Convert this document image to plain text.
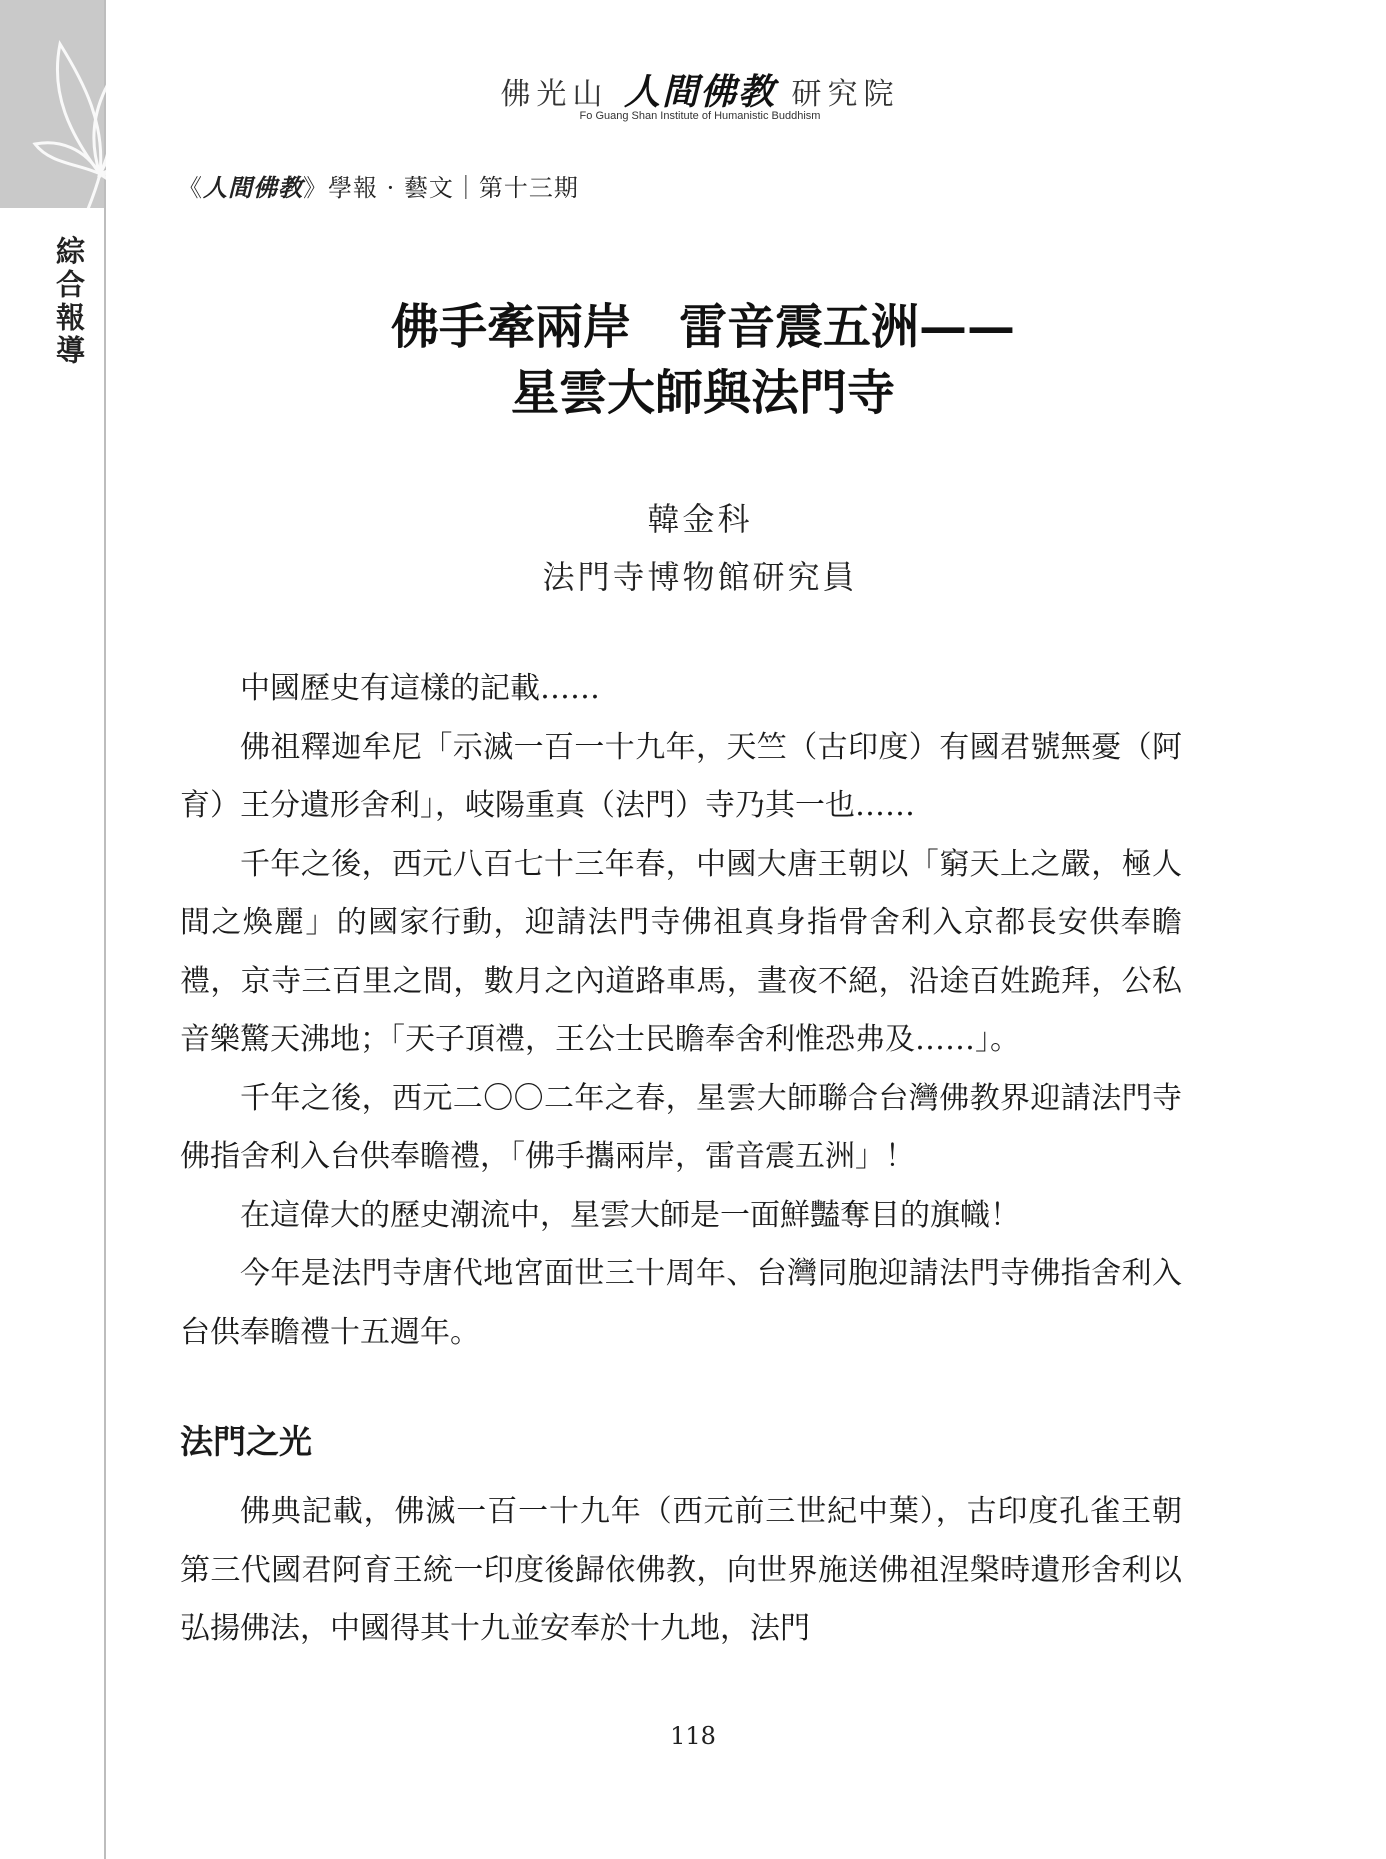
綜合報導
佛光山 人間佛教 研究院
Fo Guang Shan Institute of Humanistic Buddhism
《人間佛教》學報 · 藝文｜第十三期
佛手牽兩岸　雷音震五洲——
星雲大師與法門寺
韓金科
法門寺博物館研究員

中國歷史有這樣的記載……

佛祖釋迦牟尼「示滅一百一十九年，天竺（古印度）有國君號無憂（阿育）王分遺形舍利」，岐陽重真（法門）寺乃其一也……

千年之後，西元八百七十三年春，中國大唐王朝以「窮天上之嚴，極人間之煥麗」的國家行動，迎請法門寺佛祖真身指骨舍利入京都長安供奉瞻禮，京寺三百里之間，數月之內道路車馬，晝夜不絕，沿途百姓跪拜，公私音樂驚天沸地；「天子頂禮，王公士民瞻奉舍利惟恐弗及……」。

千年之後，西元二〇〇二年之春，星雲大師聯合台灣佛教界迎請法門寺佛指舍利入台供奉瞻禮，「佛手攜兩岸，雷音震五洲」！

在這偉大的歷史潮流中，星雲大師是一面鮮豔奪目的旗幟！

今年是法門寺唐代地宮面世三十周年、台灣同胞迎請法門寺佛指舍利入台供奉瞻禮十五週年。

法門之光

佛典記載，佛滅一百一十九年（西元前三世紀中葉），古印度孔雀王朝第三代國君阿育王統一印度後歸依佛教，向世界施送佛祖涅槃時遺形舍利以弘揚佛法，中國得其十九並安奉於十九地，法門

118
